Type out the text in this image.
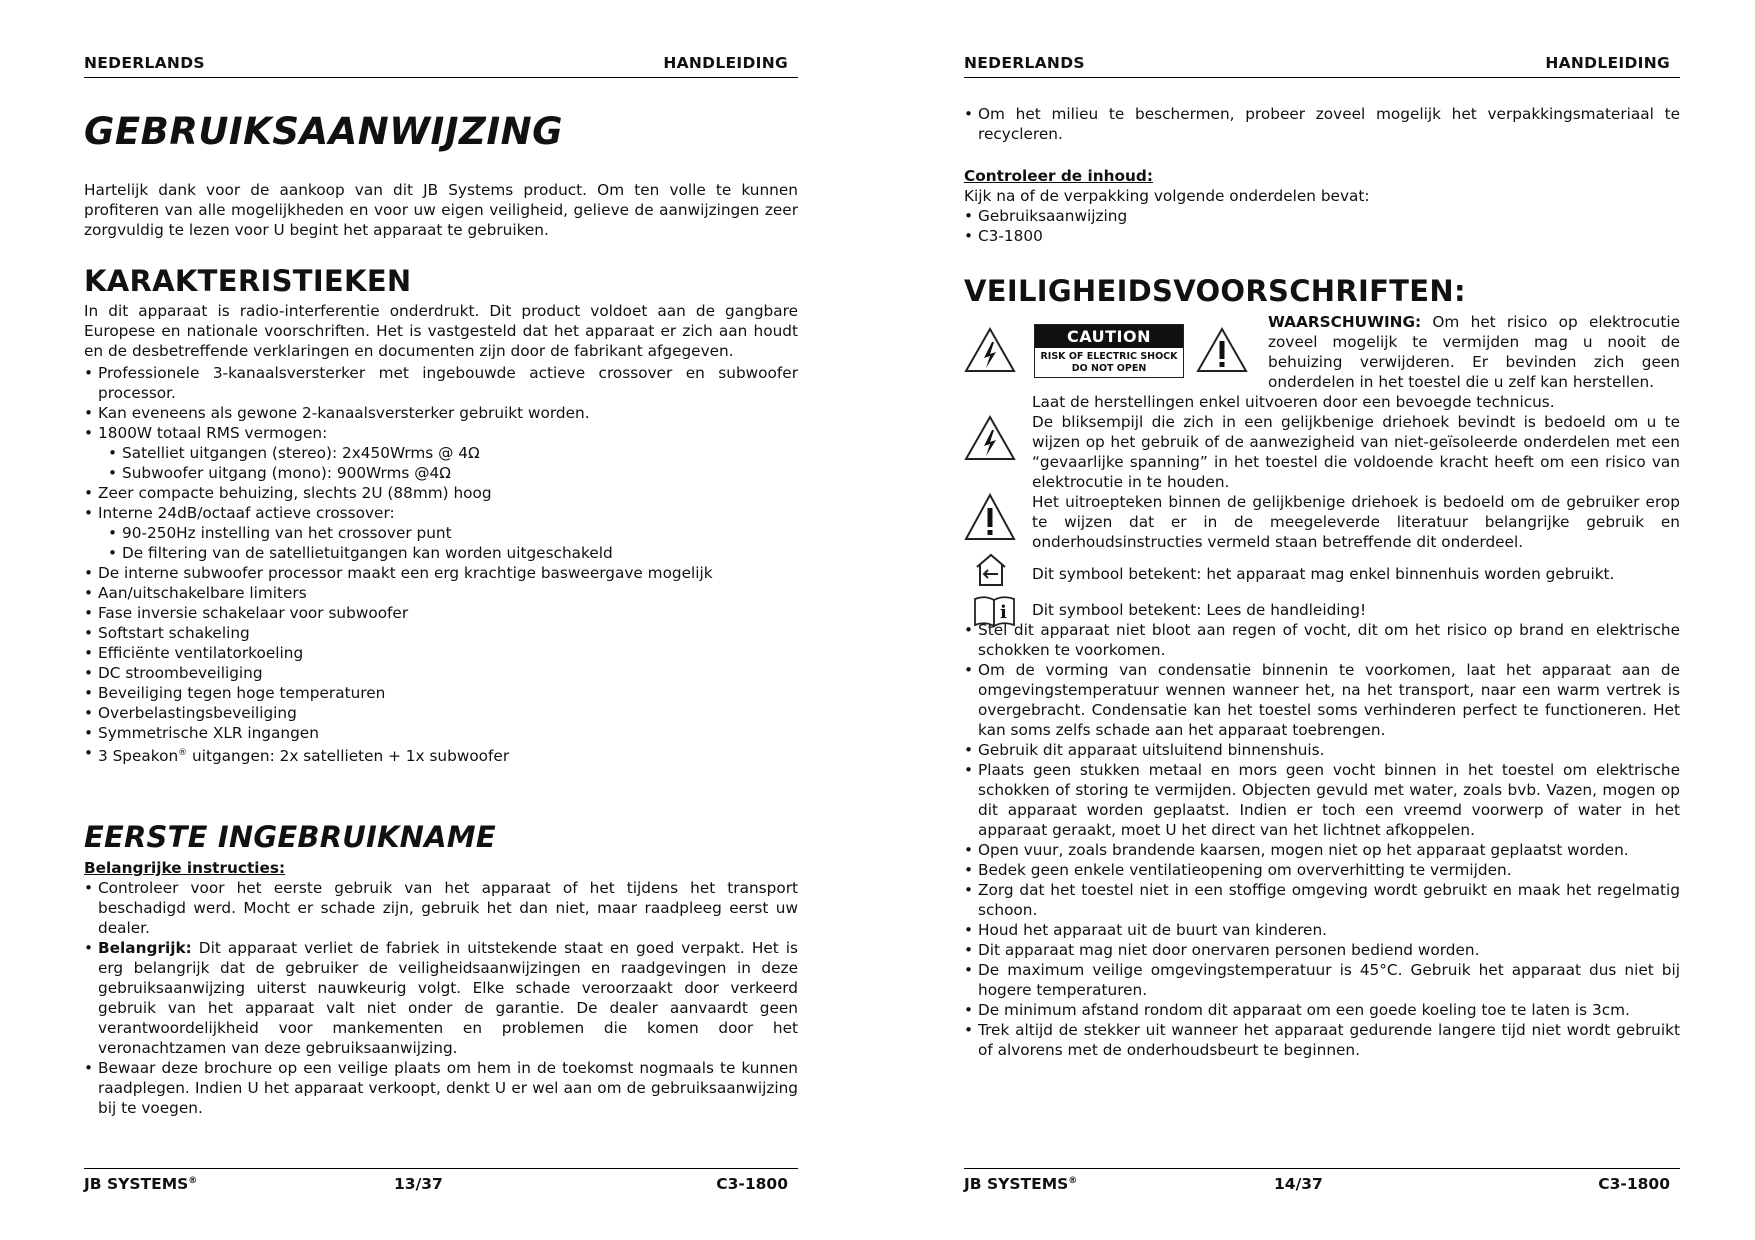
NEDERLANDS	HANDLEIDING
GEBRUIKSAANWIJZING

Hartelijk dank voor de aankoop van dit JB Systems product. Om ten volle te kunnen profiteren van alle mogelijkheden en voor uw eigen veiligheid, gelieve de aanwijzingen zeer zorgvuldig te lezen voor U begint het apparaat te gebruiken.

KARAKTERISTIEKEN

In dit apparaat is radio-interferentie onderdrukt. Dit product voldoet aan de gangbare Europese en nationale voorschriften. Het is vastgesteld dat het apparaat er zich aan houdt en de desbetreffende verklaringen en documenten zijn door de fabrikant afgegeven.

• Professionele 3-kanaalsversterker met ingebouwde actieve crossover en subwoofer processor.
• Kan eveneens als gewone 2-kanaalsversterker gebruikt worden.
• 1800W totaal RMS vermogen:
• Satelliet uitgangen (stereo): 2x450Wrms @ 4Ω
• Subwoofer uitgang (mono): 900Wrms @4Ω
• Zeer compacte behuizing, slechts 2U (88mm) hoog
• Interne 24dB/octaaf actieve crossover:
• 90-250Hz instelling van het crossover punt
• De filtering van de satellietuitgangen kan worden uitgeschakeld
• De interne subwoofer processor maakt een erg krachtige basweergave mogelijk
• Aan/uitschakelbare limiters
• Fase inversie schakelaar voor subwoofer
• Softstart schakeling
• Efficiënte ventilatorkoeling
• DC stroombeveiliging
• Beveiliging tegen hoge temperaturen
• Overbelastingsbeveiliging
• Symmetrische XLR ingangen
• 3 Speakon® uitgangen: 2x satellieten + 1x subwoofer
EERSTE INGEBRUIKNAME

Belangrijke instructies:

• Controleer voor het eerste gebruik van het apparaat of het tijdens het transport beschadigd werd. Mocht er schade zijn, gebruik het dan niet, maar raadpleeg eerst uw dealer.
• Belangrijk: Dit apparaat verliet de fabriek in uitstekende staat en goed verpakt. Het is erg belangrijk dat de gebruiker de veiligheidsaanwijzingen en raadgevingen in deze gebruiksaanwijzing uiterst nauwkeurig volgt. Elke schade veroorzaakt door verkeerd gebruik van het apparaat valt niet onder de garantie. De dealer aanvaardt geen verantwoordelijkheid voor mankementen en problemen die komen door het veronachtzamen van deze gebruiksaanwijzing.
• Bewaar deze brochure op een veilige plaats om hem in de toekomst nogmaals te kunnen raadplegen. Indien U het apparaat verkoopt, denkt U er wel aan om de gebruiksaanwijzing bij te voegen.
JB SYSTEMS®	13/37	C3-1800
NEDERLANDS	HANDLEIDING
• Om het milieu te beschermen, probeer zoveel mogelijk het verpakkingsmateriaal te recycleren.

Controleer de inhoud:

Kijk na of de verpakking volgende onderdelen bevat:

• Gebruiksaanwijzing
• C3-1800
VEILIGHEIDSVOORSCHRIFTEN:
CAUTION
RISK OF ELECTRIC SHOCK
DO NOT OPEN

WAARSCHUWING: Om het risico op elektrocutie zoveel mogelijk te vermijden mag u nooit de behuizing verwijderen. Er bevinden zich geen onderdelen in het toestel die u zelf kan herstellen.

Laat de herstellingen enkel uitvoeren door een bevoegde technicus.

De bliksempijl die zich in een gelijkbenige driehoek bevindt is bedoeld om u te wijzen op het gebruik of de aanwezigheid van niet-geïsoleerde onderdelen met een “gevaarlijke spanning” in het toestel die voldoende kracht heeft om een risico van elektrocutie in te houden.

Het uitroepteken binnen de gelijkbenige driehoek is bedoeld om de gebruiker erop te wijzen dat er in de meegeleverde literatuur belangrijke gebruik en onderhoudsinstructies vermeld staan betreffende dit onderdeel.

Dit symbool betekent: het apparaat mag enkel binnenhuis worden gebruikt.

i Dit symbool betekent: Lees de handleiding!

• Stel dit apparaat niet bloot aan regen of vocht, dit om het risico op brand en elektrische schokken te voorkomen.
• Om de vorming van condensatie binnenin te voorkomen, laat het apparaat aan de omgevingstemperatuur wennen wanneer het, na het transport, naar een warm vertrek is overgebracht. Condensatie kan het toestel soms verhinderen perfect te functioneren. Het kan soms zelfs schade aan het apparaat toebrengen.
• Gebruik dit apparaat uitsluitend binnenshuis.
• Plaats geen stukken metaal en mors geen vocht binnen in het toestel om elektrische schokken of storing te vermijden. Objecten gevuld met water, zoals bvb. Vazen, mogen op dit apparaat worden geplaatst. Indien er toch een vreemd voorwerp of water in het apparaat geraakt, moet U het direct van het lichtnet afkoppelen.
• Open vuur, zoals brandende kaarsen, mogen niet op het apparaat geplaatst worden.
• Bedek geen enkele ventilatieopening om oververhitting te vermijden.
• Zorg dat het toestel niet in een stoffige omgeving wordt gebruikt en maak het regelmatig schoon.
• Houd het apparaat uit de buurt van kinderen.
• Dit apparaat mag niet door onervaren personen bediend worden.
• De maximum veilige omgevingstemperatuur is 45°C. Gebruik het apparaat dus niet bij hogere temperaturen.
• De minimum afstand rondom dit apparaat om een goede koeling toe te laten is 3cm.
• Trek altijd de stekker uit wanneer het apparaat gedurende langere tijd niet wordt gebruikt of alvorens met de onderhoudsbeurt te beginnen.
JB SYSTEMS®	14/37	C3-1800
